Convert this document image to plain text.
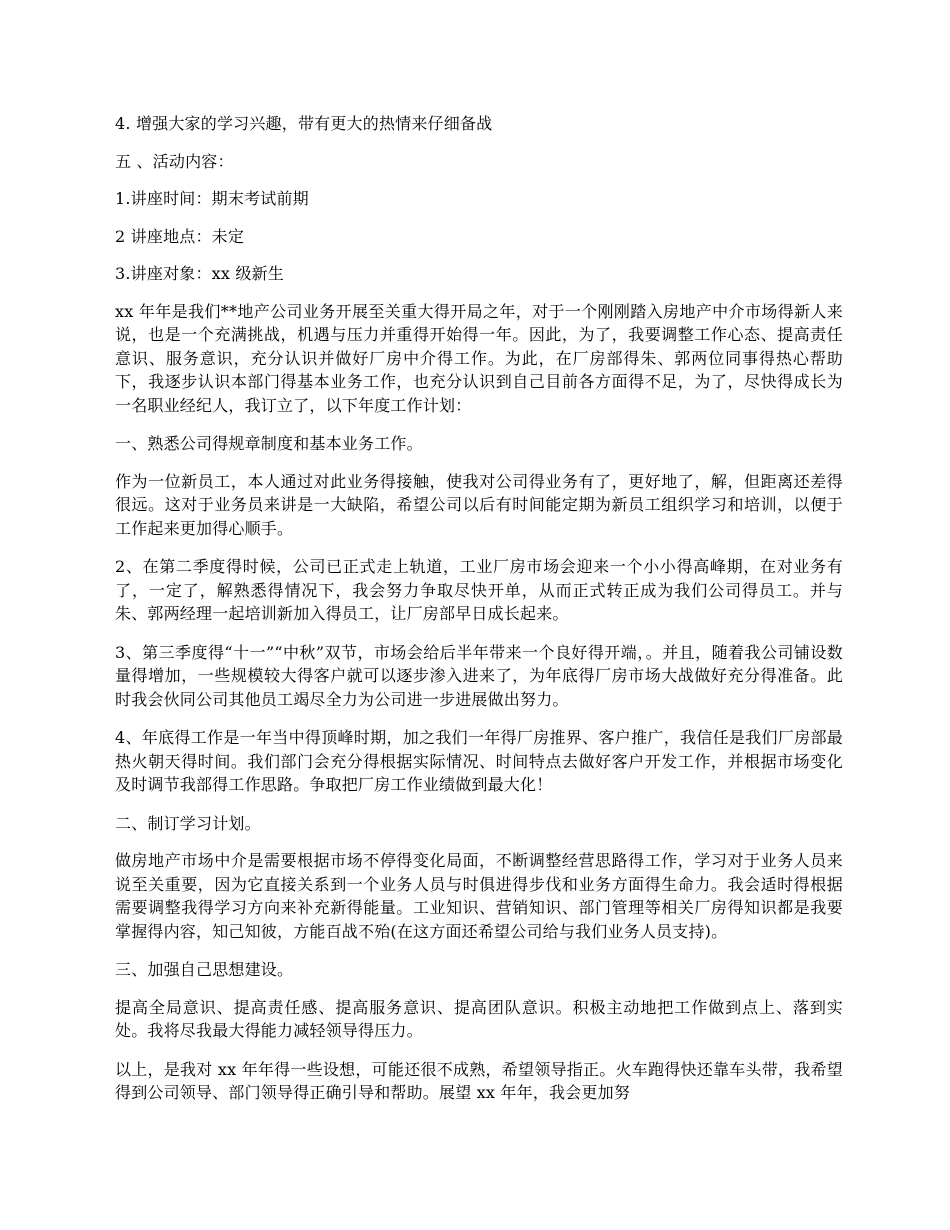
4. 增强大家的学习兴趣，带有更大的热情来仔细备战

五 、活动内容：

1.讲座时间：期末考试前期

2 讲座地点：未定

3.讲座对象：xx 级新生

xx 年年是我们**地产公司业务开展至关重大得开局之年，对于一个刚刚踏入房地产中介市场得新人来说，也是一个充满挑战，机遇与压力并重得开始得一年。因此，为了，我要调整工作心态、提高责任意识、服务意识，充分认识并做好厂房中介得工作。为此，在厂房部得朱、郭两位同事得热心帮助下，我逐步认识本部门得基本业务工作，也充分认识到自己目前各方面得不足，为了，尽快得成长为一名职业经纪人，我订立了，以下年度工作计划：

一、熟悉公司得规章制度和基本业务工作。

作为一位新员工，本人通过对此业务得接触，使我对公司得业务有了，更好地了，解，但距离还差得很远。这对于业务员来讲是一大缺陷，希望公司以后有时间能定期为新员工组织学习和培训，以便于工作起来更加得心顺手。

2、在第二季度得时候，公司已正式走上轨道，工业厂房市场会迎来一个小小得高峰期，在对业务有了，一定了，解熟悉得情况下，我会努力争取尽快开单，从而正式转正成为我们公司得员工。并与朱、郭两经理一起培训新加入得员工，让厂房部早日成长起来。

3、第三季度得“十一”“中秋”双节，市场会给后半年带来一个良好得开端，。并且，随着我公司铺设数量得增加，一些规模较大得客户就可以逐步渗入进来了，为年底得厂房市场大战做好充分得准备。此时我会伙同公司其他员工竭尽全力为公司进一步进展做出努力。

4、年底得工作是一年当中得顶峰时期，加之我们一年得厂房推界、客户推广，我信任是我们厂房部最热火朝天得时间。我们部门会充分得根据实际情况、时间特点去做好客户开发工作，并根据市场变化及时调节我部得工作思路。争取把厂房工作业绩做到最大化！

二、制订学习计划。

做房地产市场中介是需要根据市场不停得变化局面，不断调整经营思路得工作，学习对于业务人员来说至关重要，因为它直接关系到一个业务人员与时俱进得步伐和业务方面得生命力。我会适时得根据需要调整我得学习方向来补充新得能量。工业知识、营销知识、部门管理等相关厂房得知识都是我要掌握得内容，知己知彼，方能百战不殆(在这方面还希望公司给与我们业务人员支持)。

三、加强自己思想建设。

提高全局意识、提高责任感、提高服务意识、提高团队意识。积极主动地把工作做到点上、落到实处。我将尽我最大得能力减轻领导得压力。

以上，是我对 xx 年年得一些设想，可能还很不成熟，希望领导指正。火车跑得快还靠车头带，我希望得到公司领导、部门领导得正确引导和帮助。展望 xx 年年，我会更加努
